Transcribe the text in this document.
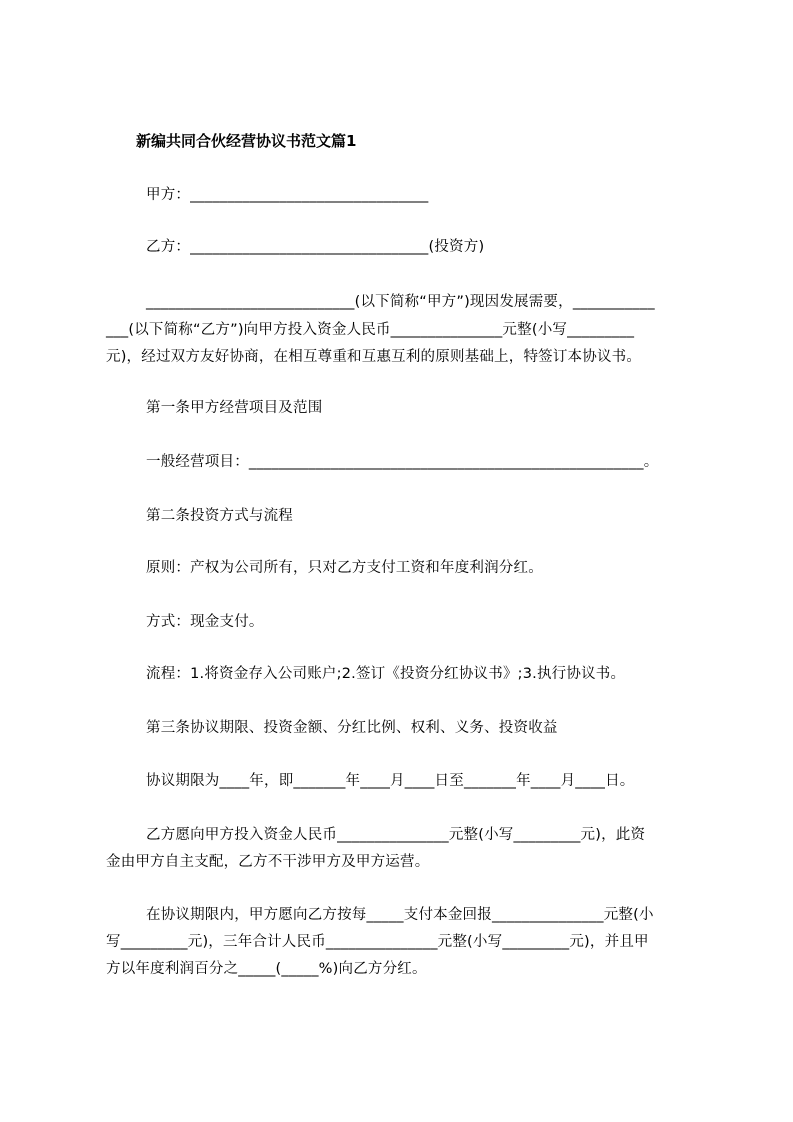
新编共同合伙经营协议书范文篇1
甲方：________________________________
乙方：________________________________(投资方)
____________________________(以下简称“甲方”)现因发展需要，___________
___(以下简称“乙方”)向甲方投入资金人民币_______________元整(小写_________
元)，经过双方友好协商，在相互尊重和互惠互利的原则基础上，特签订本协议书。
第一条甲方经营项目及范围
一般经营项目：_____________________________________________________。
第二条投资方式与流程
原则：产权为公司所有，只对乙方支付工资和年度利润分红。
方式：现金支付。
流程：1.将资金存入公司账户;2.签订《投资分红协议书》;3.执行协议书。
第三条协议期限、投资金额、分红比例、权利、义务、投资收益
协议期限为____年，即_______年____月____日至_______年____月____日。
乙方愿向甲方投入资金人民币_______________元整(小写_________元)，此资
金由甲方自主支配，乙方不干涉甲方及甲方运营。
在协议期限内，甲方愿向乙方按每_____支付本金回报_______________元整(小
写_________元)，三年合计人民币_______________元整(小写_________元)，并且甲
方以年度利润百分之_____(_____%)向乙方分红。
